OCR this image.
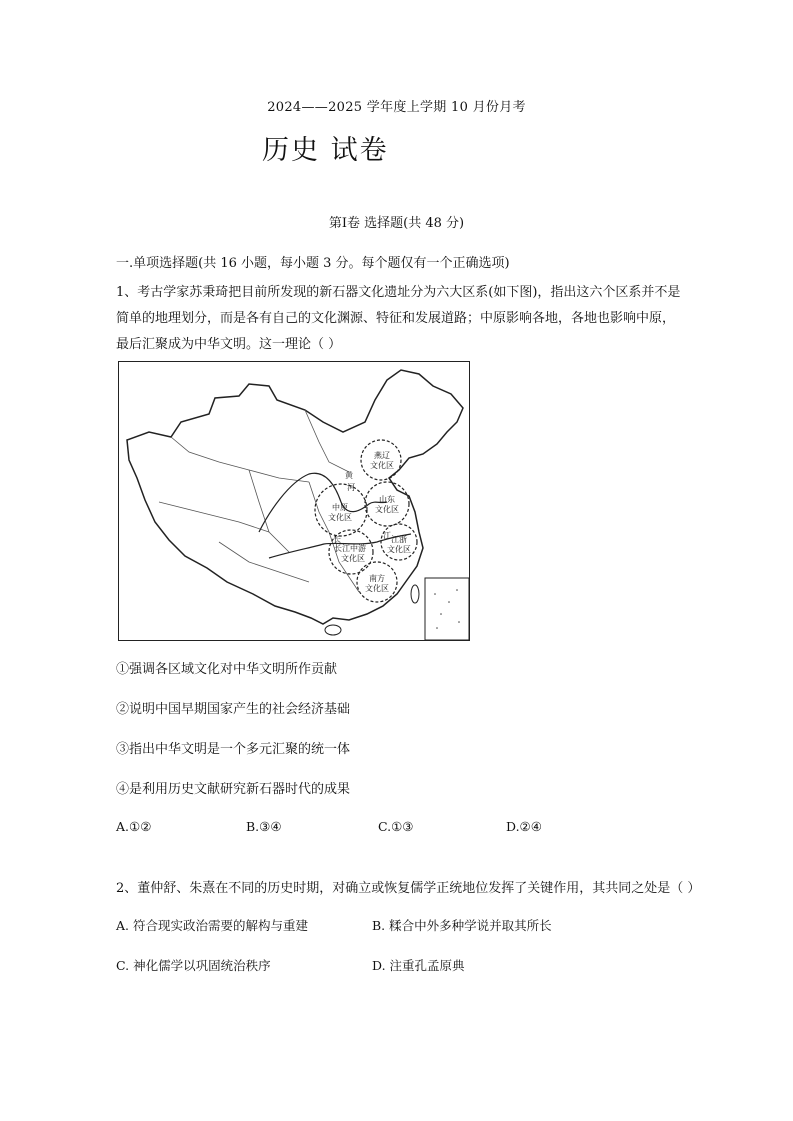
2024——2025 学年度上学期 10 月份月考
历史 试卷
第Ⅰ卷 选择题(共 48 分)
一.单项选择题(共 16 小题，每小题 3 分。每个题仅有一个正确选项)
1、考古学家苏秉琦把目前所发现的新石器文化遗址分为六大区系(如下图)，指出这六个区系并不是简单的地理划分，而是各有自己的文化渊源、特征和发展道路；中原影响各地，各地也影响中原，最后汇聚成为中华文明。这一理论（ ）
燕辽
文化区
中原
文化区
山东
文化区
长江中游
文化区
江浙
文化区
南方
文化区
黄
河
长	江
①强调各区域文化对中华文明所作贡献
②说明中国早期国家产生的社会经济基础
③指出中华文明是一个多元汇聚的统一体
④是利用历史文献研究新石器时代的成果
A.①②	B.③④	C.①③	D.②④
2、董仲舒、朱熹在不同的历史时期，对确立或恢复儒学正统地位发挥了关键作用，其共同之处是（ ）
A. 符合现实政治需要的解构与重建	B. 糅合中外多种学说并取其所长
C. 神化儒学以巩固统治秩序	D. 注重孔孟原典
